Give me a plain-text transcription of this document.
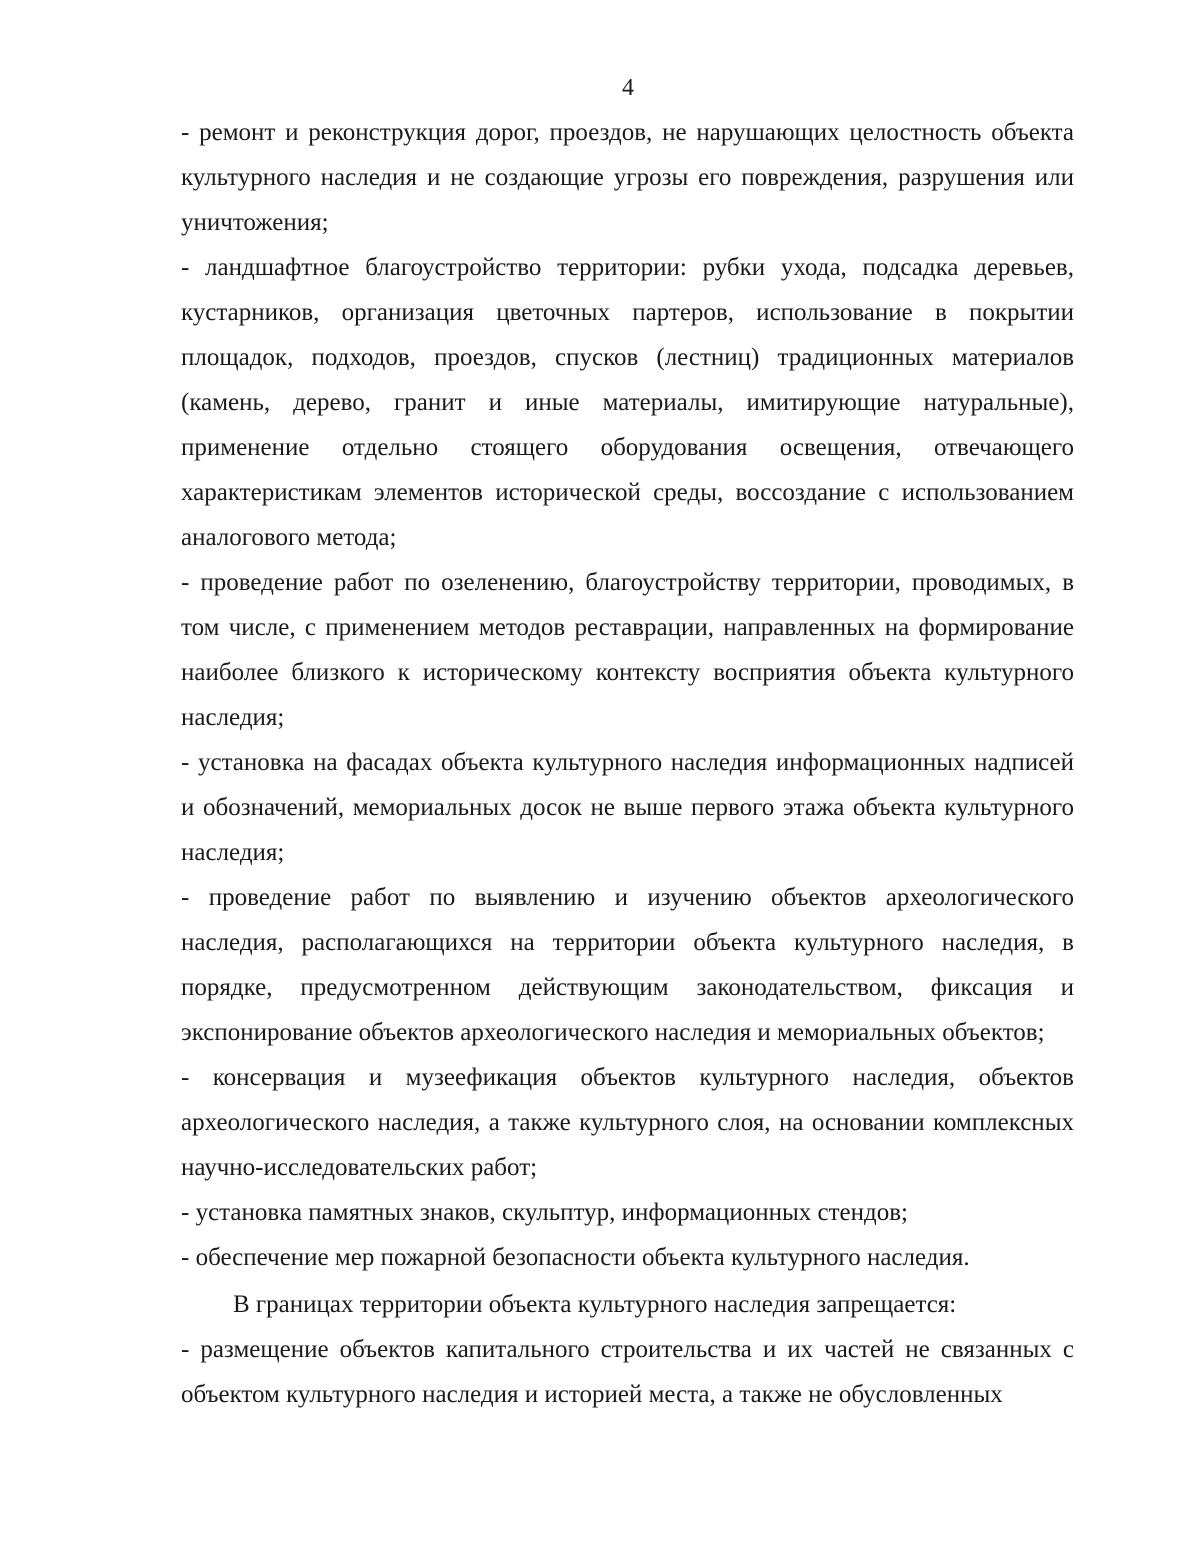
4

- ремонт и реконструкция дорог, проездов, не нарушающих целостность объекта культурного наследия и не создающие угрозы его повреждения, разрушения или уничтожения;

- ландшафтное благоустройство территории: рубки ухода, подсадка деревьев, кустарников, организация цветочных партеров, использование в покрытии площадок, подходов, проездов, спусков (лестниц) традиционных материалов (камень, дерево, гранит и иные материалы, имитирующие натуральные), применение отдельно стоящего оборудования освещения, отвечающего характеристикам элементов исторической среды, воссоздание с использованием аналогового метода;

- проведение работ по озеленению, благоустройству территории, проводимых, в том числе, с применением методов реставрации, направленных на формирование наиболее близкого к историческому контексту восприятия объекта культурного наследия;

- установка на фасадах объекта культурного наследия информационных надписей и обозначений, мемориальных досок не выше первого этажа объекта культурного наследия;

- проведение работ по выявлению и изучению объектов археологического наследия, располагающихся на территории объекта культурного наследия, в порядке, предусмотренном действующим законодательством, фиксация и экспонирование объектов археологического наследия и мемориальных объектов;

- консервация и музеефикация объектов культурного наследия, объектов археологического наследия, а также культурного слоя, на основании комплексных научно-исследовательских работ;

- установка памятных знаков, скульптур, информационных стендов;

- обеспечение мер пожарной безопасности объекта культурного наследия.

В границах территории объекта культурного наследия запрещается:

- размещение объектов капитального строительства и их частей не связанных с объектом культурного наследия и историей места, а также не обусловленных
